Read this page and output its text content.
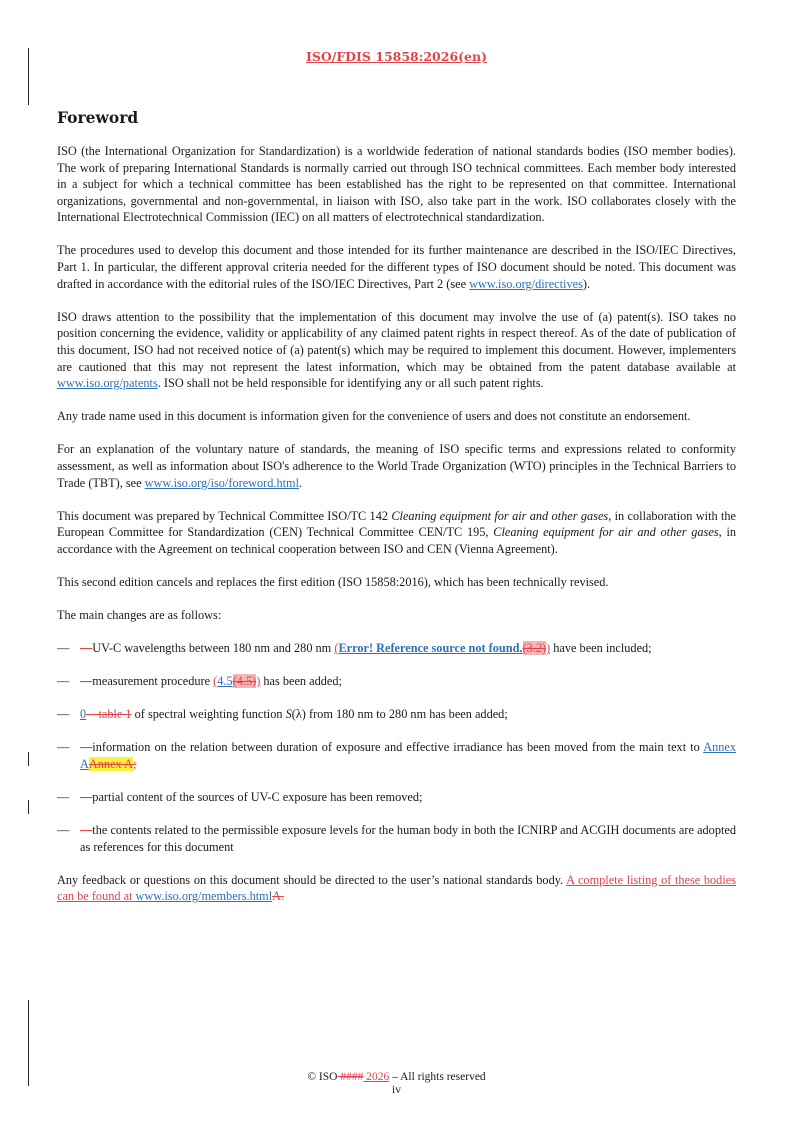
ISO/FDIS 15858:2026(en)
Foreword

ISO (the International Organization for Standardization) is a worldwide federation of national standards bodies (ISO member bodies). The work of preparing International Standards is normally carried out through ISO technical committees. Each member body interested in a subject for which a technical committee has been established has the right to be represented on that committee. International organizations, governmental and non-governmental, in liaison with ISO, also take part in the work. ISO collaborates closely with the International Electrotechnical Commission (IEC) on all matters of electrotechnical standardization.

The procedures used to develop this document and those intended for its further maintenance are described in the ISO/IEC Directives, Part 1. In particular, the different approval criteria needed for the different types of ISO document should be noted. This document was drafted in accordance with the editorial rules of the ISO/IEC Directives, Part 2 (see www.iso.org/directives).

ISO draws attention to the possibility that the implementation of this document may involve the use of (a) patent(s). ISO takes no position concerning the evidence, validity or applicability of any claimed patent rights in respect thereof. As of the date of publication of this document, ISO had not received notice of (a) patent(s) which may be required to implement this document. However, implementers are cautioned that this may not represent the latest information, which may be obtained from the patent database available at www.iso.org/patents. ISO shall not be held responsible for identifying any or all such patent rights.

Any trade name used in this document is information given for the convenience of users and does not constitute an endorsement.

For an explanation of the voluntary nature of standards, the meaning of ISO specific terms and expressions related to conformity assessment, as well as information about ISO's adherence to the World Trade Organization (WTO) principles in the Technical Barriers to Trade (TBT), see www.iso.org/iso/foreword.html.

This document was prepared by Technical Committee ISO/TC 142 Cleaning equipment for air and other gases, in collaboration with the European Committee for Standardization (CEN) Technical Committee CEN/TC 195, Cleaning equipment for air and other gases, in accordance with the Agreement on technical cooperation between ISO and CEN (Vienna Agreement).

This second edition cancels and replaces the first edition (ISO 15858:2016), which has been technically revised.

The main changes are as follows:

— —UV-C wavelengths between 180 nm and 280 nm (Error! Reference source not found.(3.2)) have been included;
— —measurement procedure (4.5(4.5)) has been added;
— 0—table 1 of spectral weighting function S(λ) from 180 nm to 280 nm has been added;
— —information on the relation between duration of exposure and effective irradiance has been moved from the main text to Annex AAnnex A;
— —partial content of the sources of UV-C exposure has been removed;
— —the contents related to the permissible exposure levels for the human body in both the ICNIRP and ACGIH documents are adopted as references for this document

Any feedback or questions on this document should be directed to the user’s national standards body. A complete listing of these bodies can be found at www.iso.org/members.htmlA.

© ISO #### 2026 – All rights reserved
iv
